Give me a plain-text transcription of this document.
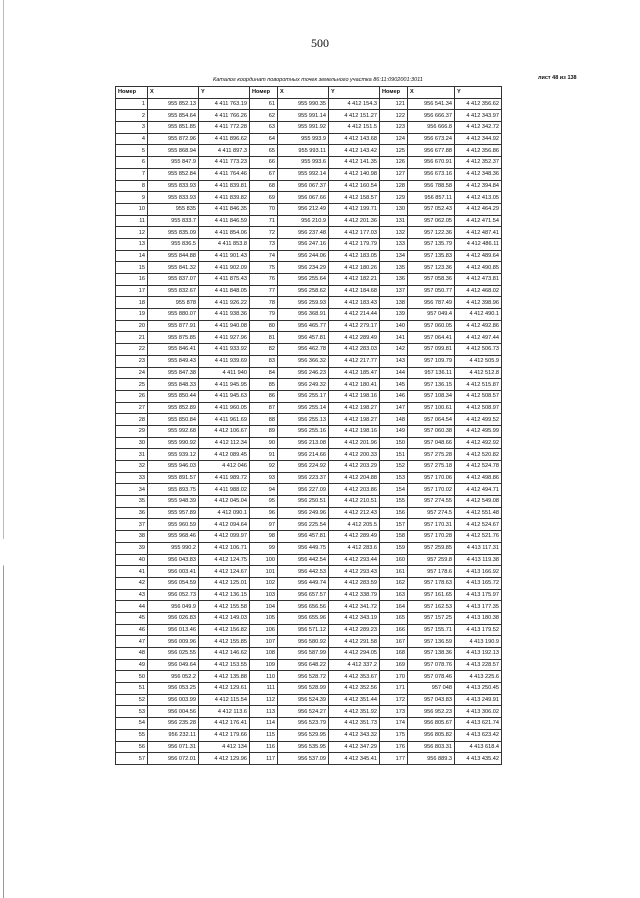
500
Каталог координат поворотных точек земельного участка 86:11:0902001:3011	лист 48 из 138
Номер	X	Y	Номер	X	Y	Номер	X	Y
1	955 852.13	4 411 763.19	61	955 990.35	4 412 154.3	121	956 541.34	4 412 356.62
2	955 854.64	4 411 766.26	62	955 991.14	4 412 151.27	122	956 666.37	4 412 343.97
3	955 851.85	4 411 772.28	63	955 991.92	4 412 151.5	123	956 666.8	4 412 342.72
4	955 872.96	4 411 896.62	64	955 993.9	4 412 143.68	124	956 673.24	4 412 344.92
5	955 868.94	4 411 897.3	65	955 993.11	4 412 143.42	125	956 677.88	4 412 356.86
6	955 847.9	4 411 773.23	66	955 993.6	4 412 141.35	126	956 670.91	4 412 352.37
7	955 852.84	4 411 764.46	67	955 992.14	4 412 140.98	127	956 673.16	4 412 348.36
8	955 833.93	4 411 839.81	68	956 067.37	4 412 160.54	128	956 788.58	4 412 394.84
9	955 833.93	4 411 839.82	69	956 067.66	4 412 158.57	129	956 857.11	4 412 413.05
10	955 835	4 411 846.35	70	956 212.49	4 412 199.71	130	957 052.43	4 412 464.29
11	955 833.7	4 411 846.59	71	956 210.9	4 412 201.36	131	957 062.05	4 412 471.54
12	955 835.09	4 411 854.06	72	956 237.48	4 412 177.03	132	957 122.36	4 412 487.41
13	955 836.5	4 411 853.8	73	956 247.16	4 412 179.79	133	957 135.79	4 412 486.11
14	955 844.88	4 411 901.43	74	956 244.06	4 412 183.05	134	957 135.83	4 412 489.64
15	955 841.32	4 411 902.09	75	956 234.29	4 412 180.26	135	957 123.36	4 412 490.85
16	955 837.07	4 411 875.43	76	956 255.64	4 412 182.21	136	957 058.36	4 412 473.81
17	955 832.67	4 411 848.05	77	956 258.62	4 412 184.68	137	957 050.77	4 412 468.02
18	955 878	4 411 926.22	78	956 259.93	4 412 183.43	138	956 787.49	4 412 398.96
19	955 880.07	4 411 938.36	79	956 368.91	4 412 214.44	139	957 049.4	4 412 490.1
20	955 877.91	4 411 940.08	80	956 465.77	4 412 279.17	140	957 060.05	4 412 492.86
21	955 875.85	4 411 927.96	81	956 457.81	4 412 289.49	141	957 064.41	4 412 497.44
22	955 846.41	4 411 933.92	82	956 462.78	4 412 283.03	142	957 099.81	4 412 506.73
23	955 849.43	4 411 939.69	83	956 366.32	4 412 217.77	143	957 109.79	4 412 505.9
24	955 847.38	4 411 940	84	956 246.23	4 412 185.47	144	957 136.11	4 412 512.8
25	955 848.33	4 411 945.95	85	956 249.32	4 412 180.41	145	957 136.15	4 412 515.87
26	955 850.44	4 411 945.63	86	956 255.17	4 412 198.16	146	957 108.34	4 412 508.57
27	955 852.89	4 411 960.05	87	956 255.14	4 412 198.27	147	957 100.61	4 412 508.97
28	955 850.84	4 411 961.69	88	956 255.13	4 412 198.27	148	957 064.54	4 412 499.52
29	955 992.68	4 412 106.67	89	956 255.16	4 412 198.16	149	957 060.38	4 412 495.99
30	955 990.92	4 412 112.34	90	956 213.08	4 412 201.96	150	957 048.66	4 412 492.92
31	955 939.12	4 412 089.45	91	956 214.66	4 412 200.33	151	957 275.28	4 412 520.82
32	955 946.03	4 412 046	92	956 224.92	4 412 203.29	152	957 275.18	4 412 524.78
33	955 891.57	4 411 989.72	93	956 223.37	4 412 204.88	153	957 170.06	4 412 498.86
34	955 893.75	4 411 988.02	94	956 227.09	4 412 203.86	154	957 170.02	4 412 494.71
35	955 948.39	4 412 045.04	95	956 250.51	4 412 210.51	155	957 274.55	4 412 549.08
36	955 957.89	4 412 090.1	96	956 249.96	4 412 212.43	156	957 274.5	4 412 551.48
37	955 960.59	4 412 094.64	97	956 225.54	4 412 205.5	157	957 170.31	4 412 524.67
38	955 968.46	4 412 099.97	98	956 457.81	4 412 289.49	158	957 170.28	4 412 521.76
39	955 990.2	4 412 106.71	99	956 449.75	4 412 283.6	159	957 259.85	4 413 117.31
40	956 043.83	4 412 124.75	100	956 442.54	4 412 293.44	160	957 259.8	4 413 119.38
41	956 003.41	4 412 124.67	101	956 442.53	4 412 293.43	161	957 178.6	4 413 166.92
42	956 054.59	4 412 125.01	102	956 449.74	4 412 283.59	162	957 178.63	4 413 165.72
43	956 052.73	4 412 136.15	103	956 657.57	4 412 338.79	163	957 161.65	4 413 175.97
44	956 049.9	4 412 155.58	104	956 656.56	4 412 341.72	164	957 162.53	4 413 177.35
45	956 026.83	4 412 149.03	105	956 655.96	4 412 343.19	165	957 157.25	4 413 180.38
46	956 013.46	4 412 156.82	106	956 571.12	4 412 289.23	166	957 155.71	4 413 179.52
47	956 009.96	4 412 155.85	107	956 580.92	4 412 291.58	167	957 136.59	4 413 190.9
48	956 025.55	4 412 146.62	108	956 587.99	4 412 294.05	168	957 138.36	4 413 192.13
49	956 049.64	4 412 153.55	109	956 648.22	4 412 337.2	169	957 078.76	4 413 228.57
50	956 052.2	4 412 135.88	110	956 528.72	4 412 353.67	170	957 078.46	4 413 225.6
51	956 053.25	4 412 129.61	111	956 528.99	4 412 352.56	171	957 048	4 413 250.45
52	956 003.99	4 412 115.54	112	956 524.39	4 412 351.44	172	957 043.83	4 413 249.91
53	956 004.56	4 412 113.6	113	956 524.27	4 412 351.92	173	956 952.23	4 413 306.02
54	956 235.28	4 412 176.41	114	956 523.79	4 412 351.73	174	956 805.67	4 413 621.74
55	956 232.11	4 412 179.66	115	956 529.95	4 412 343.32	175	956 805.82	4 413 623.42
56	956 071.31	4 412 134	116	956 535.95	4 412 347.29	176	956 803.31	4 413 618.4
57	956 072.01	4 412 129.96	117	956 537.09	4 412 345.41	177	956 889.3	4 413 435.42
